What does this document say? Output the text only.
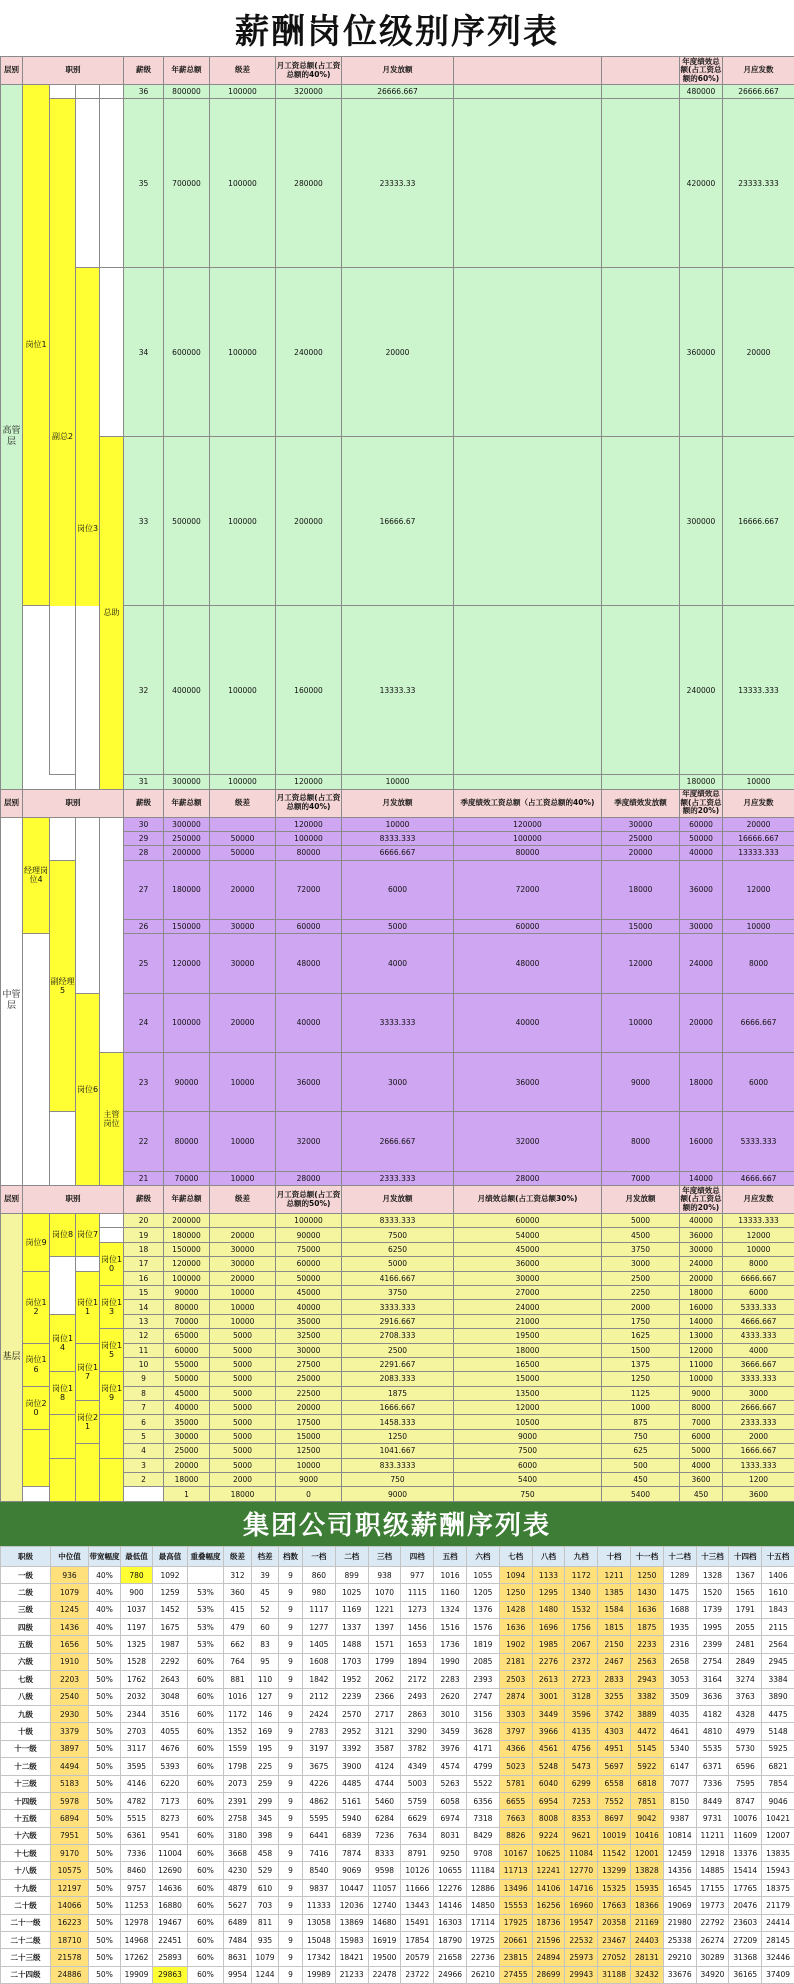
薪酬岗位级别序列表
层别	职别				薪级	年薪总额	级差	月工资总额(占工资总额的40%)	月发放额			年度绩效总额(占工资总额的60%)	月应发数	
高管层	岗位1				36	800000	100000	320000	26666.667			480000	26666.667	
		副总2			35	700000	100000	280000	23333.33			420000	23333.333	
			岗位3		34	600000	100000	240000	20000			360000	20000	
				总助	33	500000	100000	200000	16666.67			300000	16666.667	
					32	400000	100000	160000	13333.33			240000	13333.333	
					31	300000	100000	120000	10000			180000	10000	
层别	职别				薪级	年薪总额	级差	月工资总额(占工资总额的40%)	月发放额	季度绩效工资总额（占工资总额的40%)	季度绩效发放额	年度绩效总额(占工资总额的20%)	月应发数	
中管层	经理岗位4				30	300000		120000	10000	120000	30000	60000	20000	
					29	250000	50000	100000	8333.333	100000	25000	50000	16666.667	
					28	200000	50000	80000	6666.667	80000	20000	40000	13333.333	
		副经理5			27	180000	20000	72000	6000	72000	18000	36000	12000	
					26	150000	30000	60000	5000	60000	15000	30000	10000	
					25	120000	30000	48000	4000	48000	12000	24000	8000	
			岗位6		24	100000	20000	40000	3333.333	40000	10000	20000	6666.667	
				主管岗位	23	90000	10000	36000	3000	36000	9000	18000	6000	
					22	80000	10000	32000	2666.667	32000	8000	16000	5333.333	
					21	70000	10000	28000	2333.333	28000	7000	14000	4666.667	
层别	职别				薪级	年薪总额	级差	月工资总额(占工资总额的50%)	月发放额	月绩效总额(占工资总额30%)	月发放额	年度绩效总额(占工资总额的20%)	月应发数	
基层	岗位9	岗位8	岗位7		20	200000		100000	8333.333	60000	5000	40000	13333.333	
					19	180000	20000	90000	7500	54000	4500	36000	12000	
				岗位10	18	150000	30000	75000	6250	45000	3750	30000	10000	
					17	120000	30000	60000	5000	36000	3000	24000	8000	
	岗位12		岗位11		16	100000	20000	50000	4166.667	30000	2500	20000	6666.667	
				岗位13	15	90000	10000	45000	3750	27000	2250	18000	6000	
					14	80000	10000	40000	3333.333	24000	2000	16000	5333.333	
		岗位14			13	70000	10000	35000	2916.667	21000	1750	14000	4666.667	
				岗位15	12	65000	5000	32500	2708.333	19500	1625	13000	4333.333	
	岗位16		岗位17		11	60000	5000	30000	2500	18000	1500	12000	4000	
					10	55000	5000	27500	2291.667	16500	1375	11000	3666.667	
		岗位18		岗位19	9	50000	5000	25000	2083.333	15000	1250	10000	3333.333	
	岗位20				8	45000	5000	22500	1875	13500	1125	9000	3000	
			岗位21		7	40000	5000	20000	1666.667	12000	1000	8000	2666.667	
					6	35000	5000	17500	1458.333	10500	875	7000	2333.333	
					5	30000	5000	15000	1250	9000	750	6000	2000	
					4	25000	5000	12500	1041.667	7500	625	5000	1666.667	
					3	20000	5000	10000	833.3333	6000	500	4000	1333.333	
					2	18000	2000	9000	750	5400	450	3600	1200	
						1	18000	0	9000	750	5400	450	3600	
集团公司职级薪酬序列表
职级	中位值	带宽幅度	最低值	最高值	重叠幅度	级差	档差	档数	一档	二档	三档	四档	五档	六档	七档	八档	九档	十档	十一档	十二档	十三档	十四档	十五档
一级	936	40%	780	1092		312	39	9	860	899	938	977	1016	1055	1094	1133	1172	1211	1250	1289	1328	1367	1406
二级	1079	40%	900	1259	53%	360	45	9	980	1025	1070	1115	1160	1205	1250	1295	1340	1385	1430	1475	1520	1565	1610
三级	1245	40%	1037	1452	53%	415	52	9	1117	1169	1221	1273	1324	1376	1428	1480	1532	1584	1636	1688	1739	1791	1843
四级	1436	40%	1197	1675	53%	479	60	9	1277	1337	1397	1456	1516	1576	1636	1696	1756	1815	1875	1935	1995	2055	2115
五级	1656	50%	1325	1987	53%	662	83	9	1405	1488	1571	1653	1736	1819	1902	1985	2067	2150	2233	2316	2399	2481	2564
六级	1910	50%	1528	2292	60%	764	95	9	1608	1703	1799	1894	1990	2085	2181	2276	2372	2467	2563	2658	2754	2849	2945
七级	2203	50%	1762	2643	60%	881	110	9	1842	1952	2062	2172	2283	2393	2503	2613	2723	2833	2943	3053	3164	3274	3384
八级	2540	50%	2032	3048	60%	1016	127	9	2112	2239	2366	2493	2620	2747	2874	3001	3128	3255	3382	3509	3636	3763	3890
九级	2930	50%	2344	3516	60%	1172	146	9	2424	2570	2717	2863	3010	3156	3303	3449	3596	3742	3889	4035	4182	4328	4475
十级	3379	50%	2703	4055	60%	1352	169	9	2783	2952	3121	3290	3459	3628	3797	3966	4135	4303	4472	4641	4810	4979	5148
十一级	3897	50%	3117	4676	60%	1559	195	9	3197	3392	3587	3782	3976	4171	4366	4561	4756	4951	5145	5340	5535	5730	5925
十二级	4494	50%	3595	5393	60%	1798	225	9	3675	3900	4124	4349	4574	4799	5023	5248	5473	5697	5922	6147	6371	6596	6821
十三级	5183	50%	4146	6220	60%	2073	259	9	4226	4485	4744	5003	5263	5522	5781	6040	6299	6558	6818	7077	7336	7595	7854
十四级	5978	50%	4782	7173	60%	2391	299	9	4862	5161	5460	5759	6058	6356	6655	6954	7253	7552	7851	8150	8449	8747	9046
十五级	6894	50%	5515	8273	60%	2758	345	9	5595	5940	6284	6629	6974	7318	7663	8008	8353	8697	9042	9387	9731	10076	10421
十六级	7951	50%	6361	9541	60%	3180	398	9	6441	6839	7236	7634	8031	8429	8826	9224	9621	10019	10416	10814	11211	11609	12007
十七级	9170	50%	7336	11004	60%	3668	458	9	7416	7874	8333	8791	9250	9708	10167	10625	11084	11542	12001	12459	12918	13376	13835
十八级	10575	50%	8460	12690	60%	4230	529	9	8540	9069	9598	10126	10655	11184	11713	12241	12770	13299	13828	14356	14885	15414	15943
十九级	12197	50%	9757	14636	60%	4879	610	9	9837	10447	11057	11666	12276	12886	13496	14106	14716	15325	15935	16545	17155	17765	18375
二十级	14066	50%	11253	16880	60%	5627	703	9	11333	12036	12740	13443	14146	14850	15553	16256	16960	17663	18366	19069	19773	20476	21179
二十一级	16223	50%	12978	19467	60%	6489	811	9	13058	13869	14680	15491	16303	17114	17925	18736	19547	20358	21169	21980	22792	23603	24414
二十二级	18710	50%	14968	22451	60%	7484	935	9	15048	15983	16919	17854	18790	19725	20661	21596	22532	23467	24403	25338	26274	27209	28145
二十三级	21578	50%	17262	25893	60%	8631	1079	9	17342	18421	19500	20579	21658	22736	23815	24894	25973	27052	28131	29210	30289	31368	32446
二十四级	24886	50%	19909	29863	60%	9954	1244	9	19989	21233	22478	23722	24966	26210	27455	28699	29943	31188	32432	33676	34920	36165	37409
